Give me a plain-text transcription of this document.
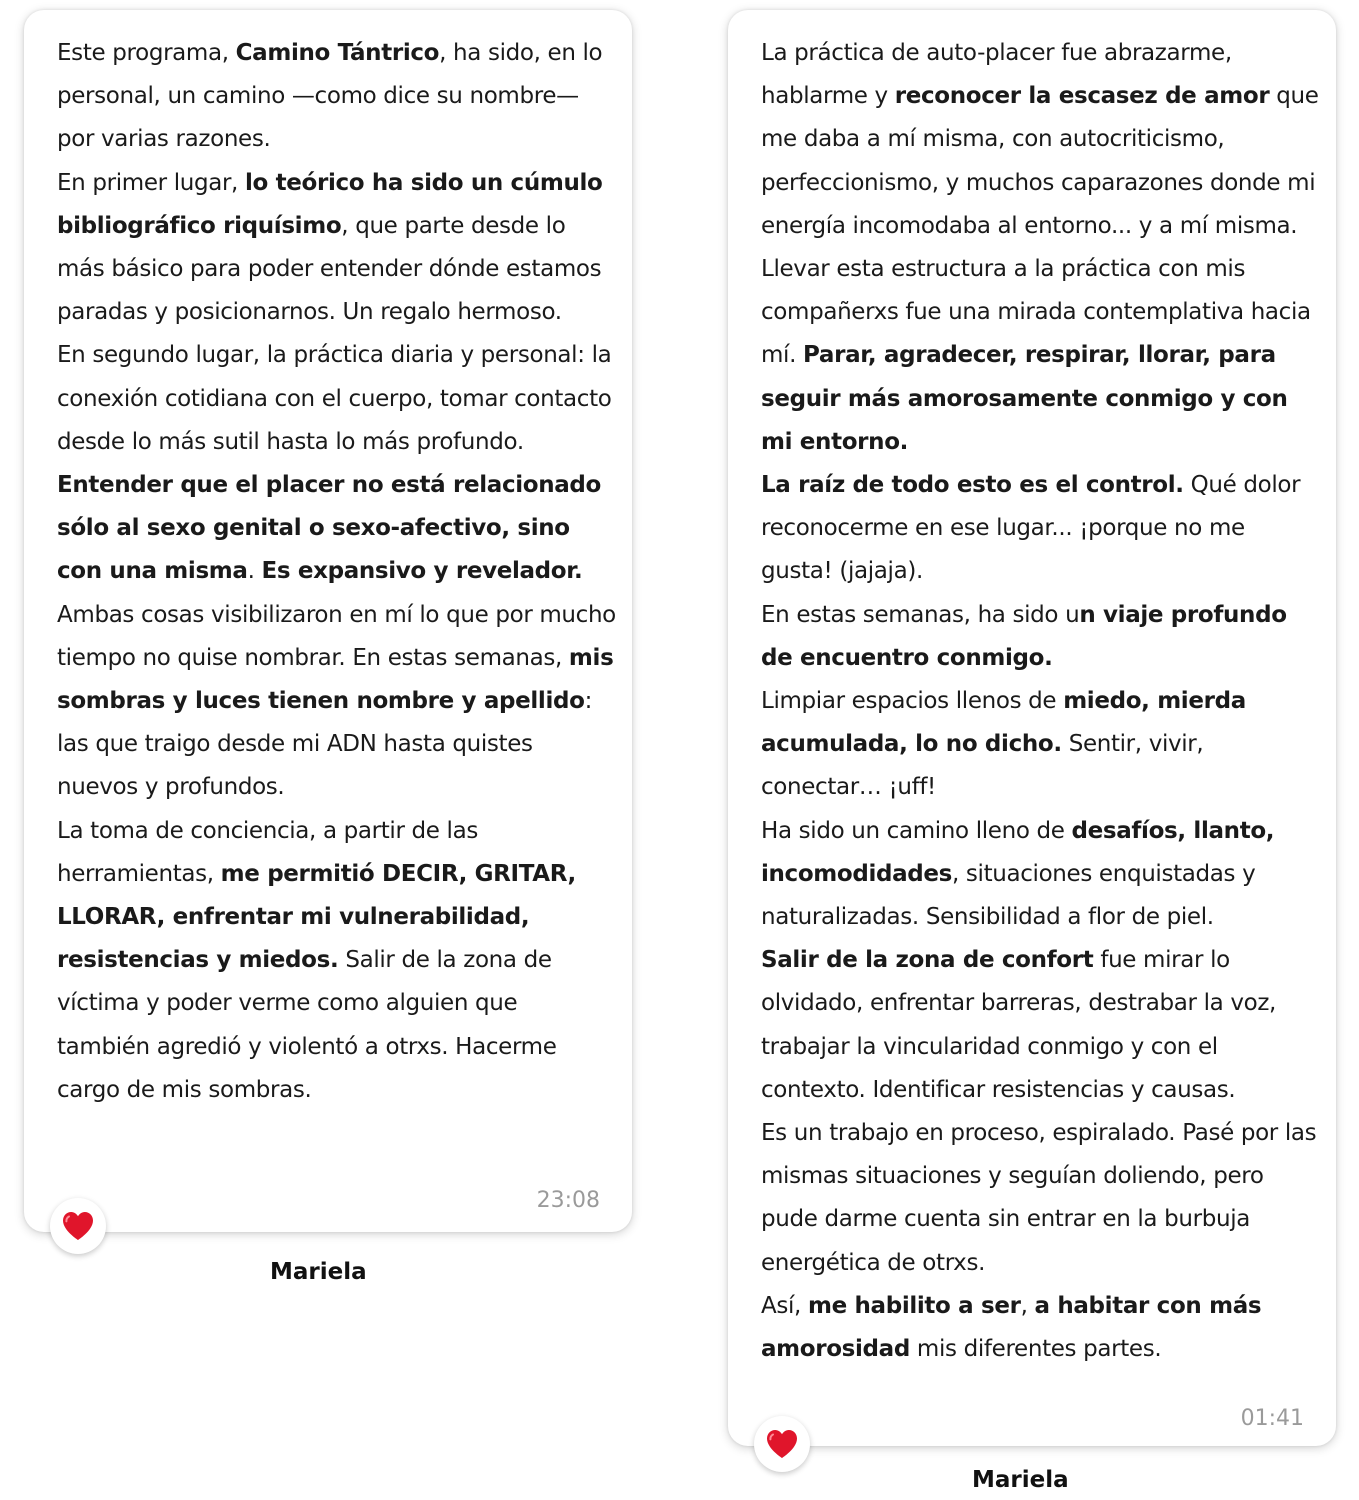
Este programa, Camino Tántrico, ha sido, en lo personal, un camino —como dice su nombre— por varias razones.

En primer lugar, lo teórico ha sido un cúmulo bibliográfico riquísimo, que parte desde lo más básico para poder entender dónde estamos paradas y posicionarnos. Un regalo hermoso.

En segundo lugar, la práctica diaria y personal: la conexión cotidiana con el cuerpo, tomar contacto desde lo más sutil hasta lo más profundo. Entender que el placer no está relacionado sólo al sexo genital o sexo-afectivo, sino con una misma. Es expansivo y revelador.

Ambas cosas visibilizaron en mí lo que por mucho tiempo no quise nombrar. En estas semanas, mis sombras y luces tienen nombre y apellido: las que traigo desde mi ADN hasta quistes nuevos y profundos.

La toma de conciencia, a partir de las herramientas, me permitió DECIR, GRITAR, LLORAR, enfrentar mi vulnerabilidad, resistencias y miedos. Salir de la zona de víctima y poder verme como alguien que también agredió y violentó a otrxs. Hacerme cargo de mis sombras.

23:08
Mariela

La práctica de auto-placer fue abrazarme, hablarme y reconocer la escasez de amor que me daba a mí misma, con autocriticismo, perfeccionismo, y muchos caparazones donde mi energía incomodaba al entorno... y a mí misma.

Llevar esta estructura a la práctica con mis compañerxs fue una mirada contemplativa hacia mí. Parar, agradecer, respirar, llorar, para seguir más amorosamente conmigo y con mi entorno.

La raíz de todo esto es el control. Qué dolor reconocerme en ese lugar... ¡porque no me gusta! (jajaja).

En estas semanas, ha sido un viaje profundo de encuentro conmigo.

Limpiar espacios llenos de miedo, mierda acumulada, lo no dicho. Sentir, vivir, conectar… ¡uff!

Ha sido un camino lleno de desafíos, llanto, incomodidades, situaciones enquistadas y naturalizadas. Sensibilidad a flor de piel.

Salir de la zona de confort fue mirar lo olvidado, enfrentar barreras, destrabar la voz, trabajar la vincularidad conmigo y con el contexto. Identificar resistencias y causas.

Es un trabajo en proceso, espiralado. Pasé por las mismas situaciones y seguían doliendo, pero pude darme cuenta sin entrar en la burbuja energética de otrxs.

Así, me habilito a ser, a habitar con más amorosidad mis diferentes partes.

01:41
Mariela
